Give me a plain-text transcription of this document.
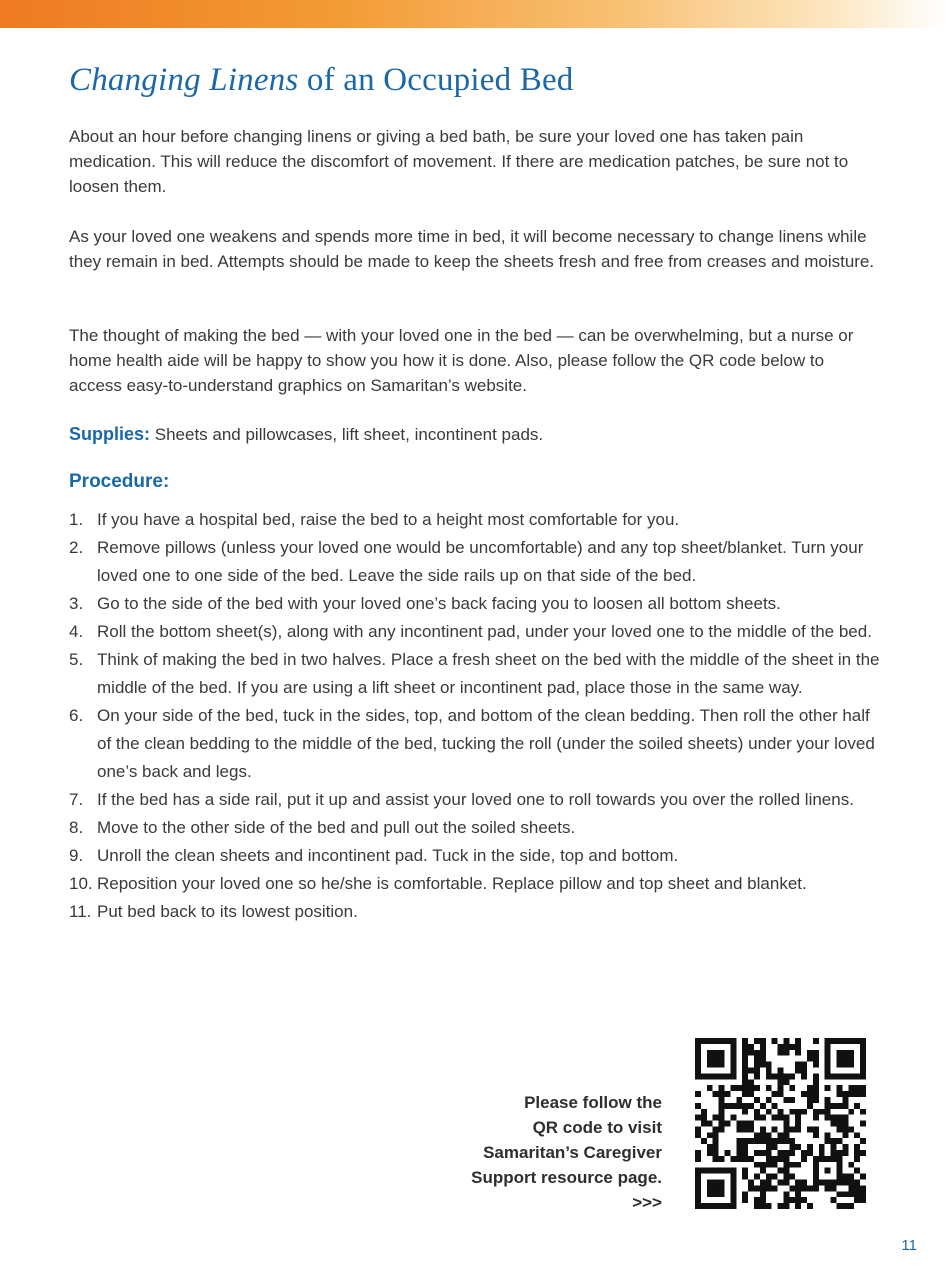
Changing Linens of an Occupied Bed

About an hour before changing linens or giving a bed bath, be sure your loved one has taken pain medication. This will reduce the discomfort of movement. If there are medication patches, be sure not to loosen them.

As your loved one weakens and spends more time in bed, it will become necessary to change linens while they remain in bed. Attempts should be made to keep the sheets fresh and free from creases and moisture.

The thought of making the bed — with your loved one in the bed — can be overwhelming, but a nurse or home health aide will be happy to show you how it is done. Also, please follow the QR code below to access easy-to-understand graphics on Samaritan’s website.

Supplies: Sheets and pillowcases, lift sheet, incontinent pads.

Procedure:
1. If you have a hospital bed, raise the bed to a height most comfortable for you.
2. Remove pillows (unless your loved one would be uncomfortable) and any top sheet/blanket. Turn your loved one to one side of the bed. Leave the side rails up on that side of the bed.
3. Go to the side of the bed with your loved one’s back facing you to loosen all bottom sheets.
4. Roll the bottom sheet(s), along with any incontinent pad, under your loved one to the middle of the bed.
5. Think of making the bed in two halves. Place a fresh sheet on the bed with the middle of the sheet in the middle of the bed. If you are using a lift sheet or incontinent pad, place those in the same way.
6. On your side of the bed, tuck in the sides, top, and bottom of the clean bedding. Then roll the other half of the clean bedding to the middle of the bed, tucking the roll (under the soiled sheets) under your loved one’s back and legs.
7. If the bed has a side rail, put it up and assist your loved one to roll towards you over the rolled linens.
8. Move to the other side of the bed and pull out the soiled sheets.
9. Unroll the clean sheets and incontinent pad. Tuck in the side, top and bottom.
10. Reposition your loved one so he/she is comfortable. Replace pillow and top sheet and blanket.
11. Put bed back to its lowest position.
Please follow the
QR code to visit
Samaritan’s Caregiver
Support resource page.
>>>
11
